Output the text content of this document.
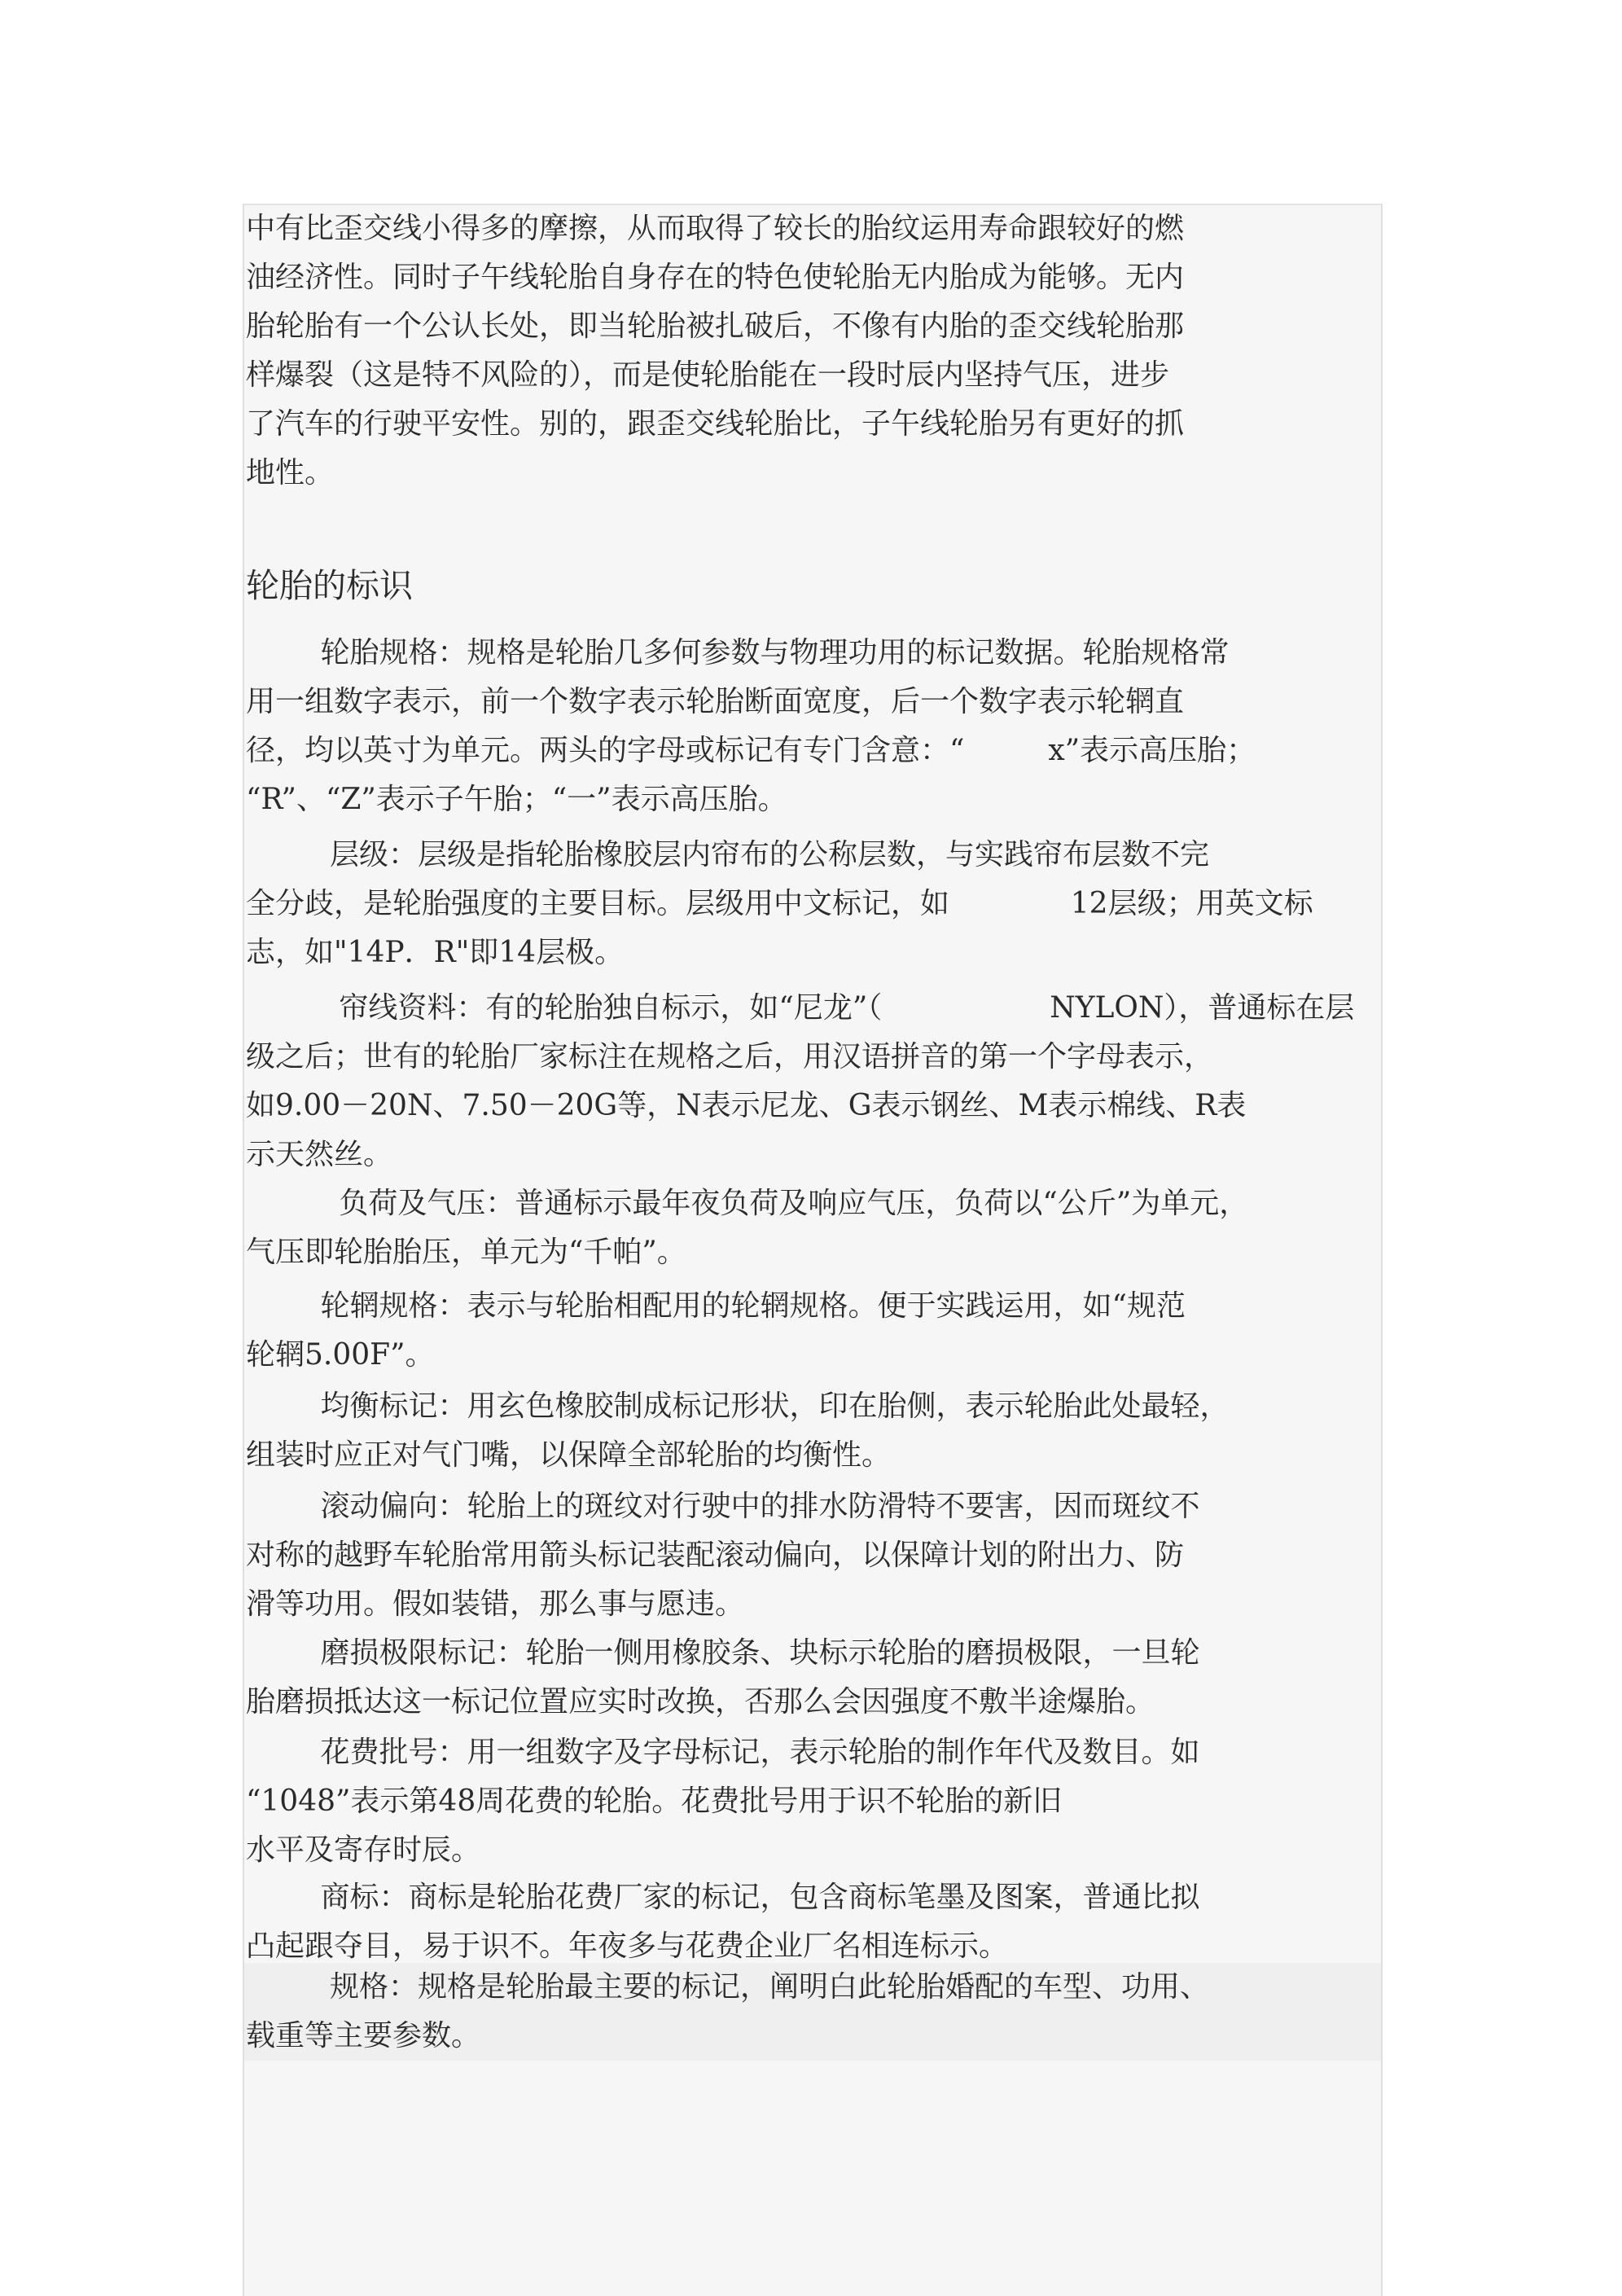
中有比歪交线小得多的摩擦，从而取得了较长的胎纹运用寿命跟较好的燃
油经济性。同时子午线轮胎自身存在的特色使轮胎无内胎成为能够。无内
胎轮胎有一个公认长处，即当轮胎被扎破后，不像有内胎的歪交线轮胎那
样爆裂（这是特不风险的），而是使轮胎能在一段时辰内坚持气压，进步
了汽车的行驶平安性。别的，跟歪交线轮胎比，子午线轮胎另有更好的抓
地性。
轮胎的标识
轮胎规格：规格是轮胎几多何参数与物理功用的标记数据。轮胎规格常
用一组数字表示，前一个数字表示轮胎断面宽度，后一个数字表示轮辋直
径，均以英寸为单元。两头的字母或标记有专门含意：“         x”表示高压胎；
“R”、“Z”表示子午胎；“一”表示高压胎。
层级：层级是指轮胎橡胶层内帘布的公称层数，与实践帘布层数不完
全分歧，是轮胎强度的主要目标。层级用中文标记，如             12层级；用英文标
志，如"14P．R"即14层极。
帘线资料：有的轮胎独自标示，如“尼龙”（                  NYLON），普通标在层
级之后；世有的轮胎厂家标注在规格之后，用汉语拼音的第一个字母表示，
如9.00－20N、7.50－20G等，N表示尼龙、G表示钢丝、M表示棉线、R表
示天然丝。
负荷及气压：普通标示最年夜负荷及响应气压，负荷以“公斤”为单元，
气压即轮胎胎压，单元为“千帕”。
轮辋规格：表示与轮胎相配用的轮辋规格。便于实践运用，如“规范
轮辋5.00F”。
均衡标记：用玄色橡胶制成标记形状，印在胎侧，表示轮胎此处最轻，
组装时应正对气门嘴，以保障全部轮胎的均衡性。
滚动偏向：轮胎上的斑纹对行驶中的排水防滑特不要害，因而斑纹不
对称的越野车轮胎常用箭头标记装配滚动偏向，以保障计划的附出力、防
滑等功用。假如装错，那么事与愿违。
磨损极限标记：轮胎一侧用橡胶条、块标示轮胎的磨损极限，一旦轮
胎磨损抵达这一标记位置应实时改换，否那么会因强度不敷半途爆胎。
花费批号：用一组数字及字母标记，表示轮胎的制作年代及数目。如
“1048”表示第48周花费的轮胎。花费批号用于识不轮胎的新旧
水平及寄存时辰。
商标：商标是轮胎花费厂家的标记，包含商标笔墨及图案，普通比拟
凸起跟夺目，易于识不。年夜多与花费企业厂名相连标示。
规格：规格是轮胎最主要的标记，阐明白此轮胎婚配的车型、功用、
载重等主要参数。
